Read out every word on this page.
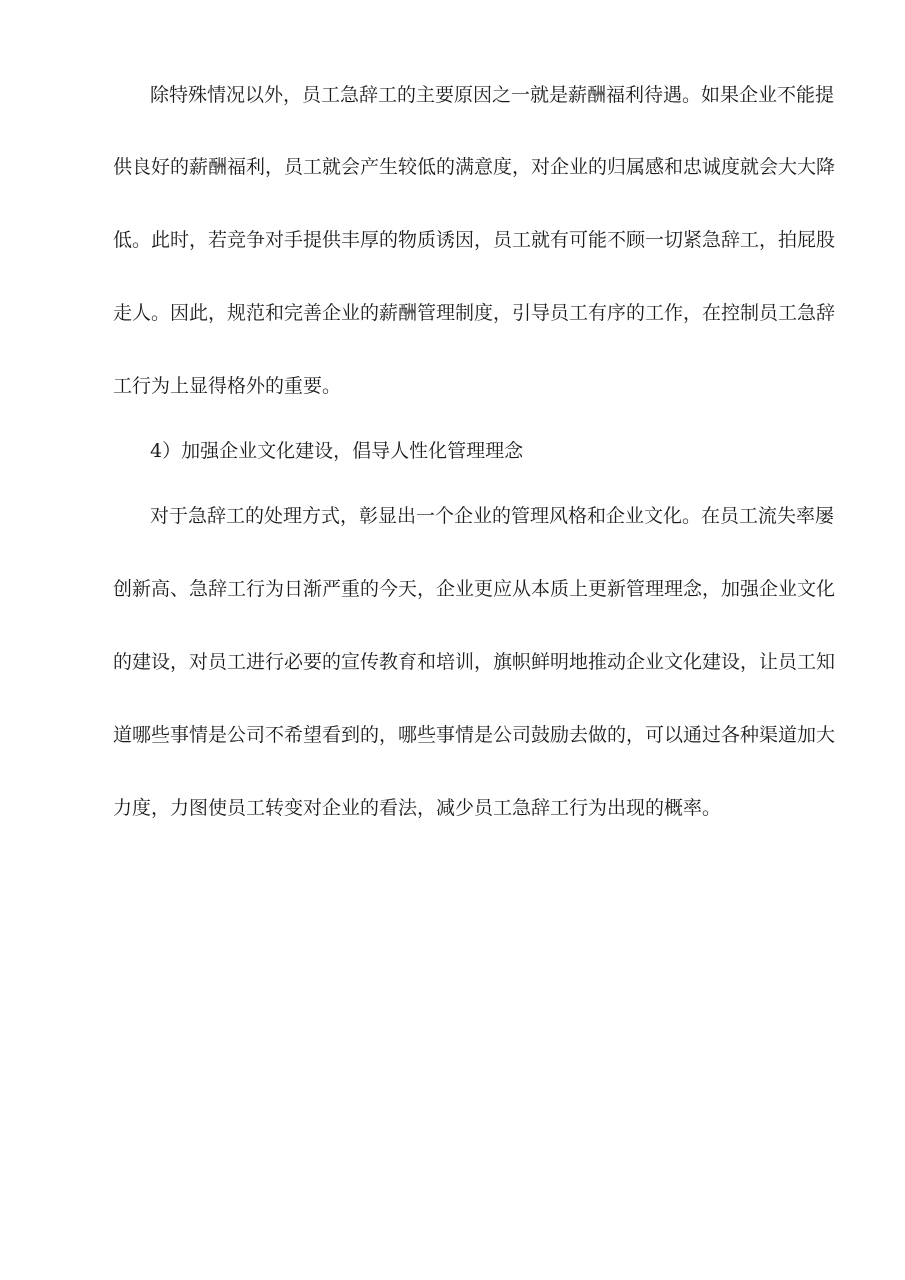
除特殊情况以外，员工急辞工的主要原因之一就是薪酬福利待遇。如果企业不能提
供良好的薪酬福利，员工就会产生较低的满意度，对企业的归属感和忠诚度就会大大降
低。此时，若竞争对手提供丰厚的物质诱因，员工就有可能不顾一切紧急辞工，拍屁股
走人。因此，规范和完善企业的薪酬管理制度，引导员工有序的工作，在控制员工急辞
工行为上显得格外的重要。
4）加强企业文化建设，倡导人性化管理理念
对于急辞工的处理方式，彰显出一个企业的管理风格和企业文化。在员工流失率屡
创新高、急辞工行为日渐严重的今天，企业更应从本质上更新管理理念，加强企业文化
的建设，对员工进行必要的宣传教育和培训，旗帜鲜明地推动企业文化建设，让员工知
道哪些事情是公司不希望看到的，哪些事情是公司鼓励去做的，可以通过各种渠道加大
力度，力图使员工转变对企业的看法，减少员工急辞工行为出现的概率。
